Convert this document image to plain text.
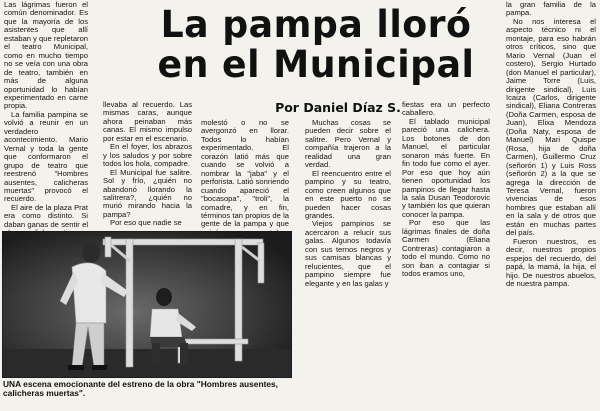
La pampa lloró
en el Municipal
Por Daniel Díaz S.

Las lágrimas fueron el común denominador. Es que la mayoría de los asistentes que allí estaban y que repletaron el teatro Municipal, como en mucho tiempo no se veía con una obra de teatro, también en más de alguna oportunidad lo habían experimentado en carne propia.

La familia pampina se volvió a reunir en un verdadero acontecimiento. Mario Vernal y toda la gente que conformaron el grupo de teatro que reestrenó "Hombres ausentes, calicheras muertas" provocó el recuerdo.

El aire de la plaza Prat era como distinto. Si daban ganas de sentir el

llevaba al recuerdo. Las mismas caras, aunque ahora peinaban más canas. El mismo impulso por estar en el escenario.

En el foyer, los abrazos y los saludos y por sobre todos los hola, compadre.

El Municipal fue salitre. Sol y frío, ¿quién no abandonó llorando la salitrera?, ¿quién no murió mirando hacia la pampa?

Por eso que nadie se

molestó o no se avergonzó en llorar. Todos lo habían experimentado. El corazón latió más que cuando se volvió a nombrar la "jaba" y el perforista. Latió sonriendo cuando apareció el "bocasopa", "troli", la comadre, y en fin, términos tan propios de la gente de la pampa y que

Muchas cosas se pueden decir sobre el salitre. Pero Vernal y compañía trajeron a la realidad una gran verdad.

El reencuentro entre el pampino y su teatro, como creen algunos que en este puerto no se pueden hacer cosas grandes.

Viejos pampinos se acercaron a relucir sus galas. Algunos todavía con sus ternos negros y sus camisas blancas y relucientes, que el pampino siempre fue elegante y en las galas y

fiestas era un perfecto caballero.

El tablado municipal pareció una calichera. Los botones de don Manuel, el particular sonaron más fuerte. En fin todo fue como el ayer. Por eso que hoy aún tienen oportunidad los pampinos de llegar hasta la sala Dusan Teodorovic y también los que quieran conocer la pampa.

Por eso que las lágrimas finales de doña Carmen (Eliana Contreras) contagiaron a todo el mundo. Como no son iban a contagiar si todos eramos uno,

la gran familia de la pampa.

No nos interesa el aspecto técnico ni el montaje, para eso habrán otros críticos, sino que Mario Vernal (Juan el costero), Sergio Hurtado (don Manuel el particular), Jaime Torre (Luis, dirigente sindical), Luis Icaiza (Carlos, dirigente sindical), Eliana Contreras (Doña Carmen, esposa de Juan), Elixa Mendoza (Doña Naty, esposa de Manuel) Mari Quispe (Rosa, hija de doña Carmen), Guillermo Cruz (señorón 1) y Luis Ross (señorón 2) a la que se agrega la dirección de Teresa Vernal, fueron vivencias de esos hombres que estaban allí en la sala y de otros que están en muchas partes del país.

Fueron nuestros, es decir, nuestros propios espejos del recuerdo, del papá, la mamá, la hija, el hijo. De nuestros abuelos, de nuestra pampa.

UNA escena emocionante del estreno de la obra "Hombres ausentes, calicheras muertas".
